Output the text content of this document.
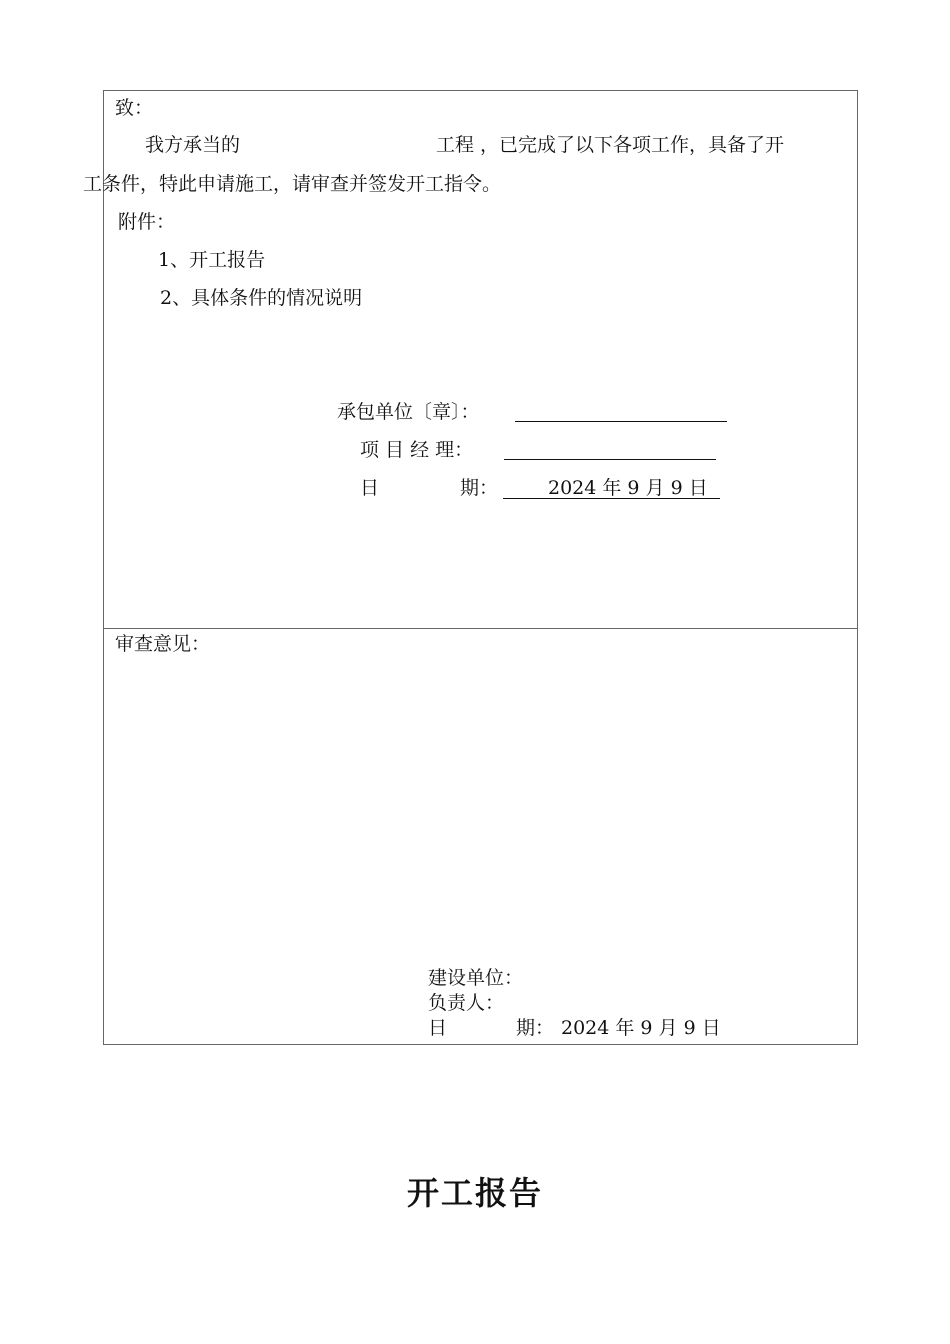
致：
我方承当的	工程 ，已完成了以下各项工作，具备了开
工条件，特此申请施工，请审查并签发开工指令。
附件：
1、开工报告
2、具体条件的情况说明
承包单位〔章〕：
项 目 经 理：
日	期：	2024 年 9 月 9 日
审查意见：
建设单位：
负责人：
日	期： 2024 年 9 月 9 日
开工报告
